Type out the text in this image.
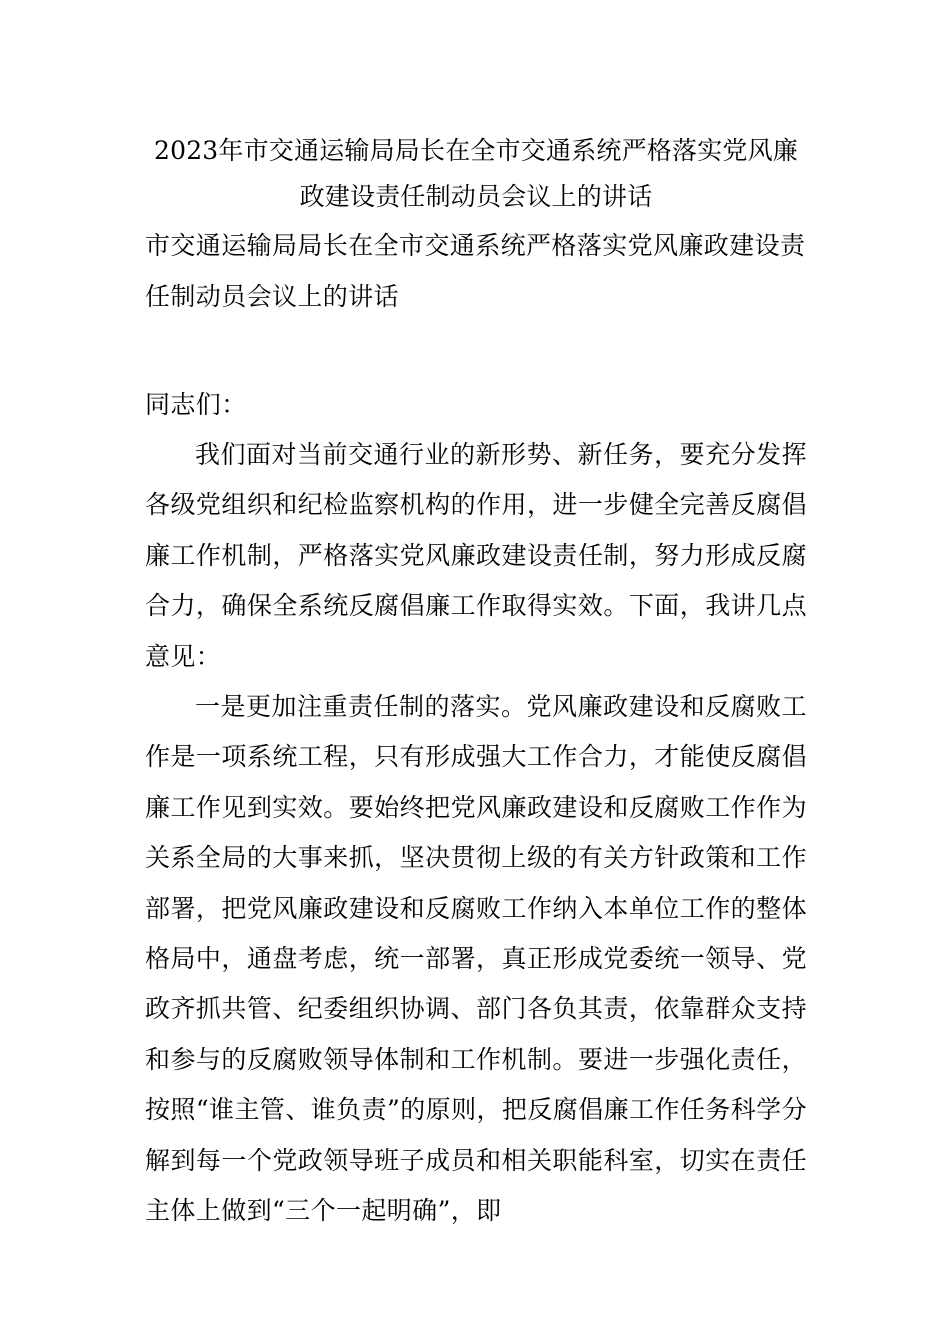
2023年市交通运输局局长在全市交通系统严格落实党风廉政建设责任制动员会议上的讲话

市交通运输局局长在全市交通系统严格落实党风廉政建设责任制动员会议上的讲话

同志们：

我们面对当前交通行业的新形势、新任务，要充分发挥各级党组织和纪检监察机构的作用，进一步健全完善反腐倡廉工作机制，严格落实党风廉政建设责任制，努力形成反腐合力，确保全系统反腐倡廉工作取得实效。下面，我讲几点意见：

一是更加注重责任制的落实。党风廉政建设和反腐败工作是一项系统工程，只有形成强大工作合力，才能使反腐倡廉工作见到实效。要始终把党风廉政建设和反腐败工作作为关系全局的大事来抓，坚决贯彻上级的有关方针政策和工作部署，把党风廉政建设和反腐败工作纳入本单位工作的整体格局中，通盘考虑，统一部署，真正形成党委统一领导、党政齐抓共管、纪委组织协调、部门各负其责，依靠群众支持和参与的反腐败领导体制和工作机制。要进一步强化责任，按照“谁主管、谁负责”的原则，把反腐倡廉工作任务科学分解到每一个党政领导班子成员和相关职能科室，切实在责任主体上做到“三个一起明确”，即
